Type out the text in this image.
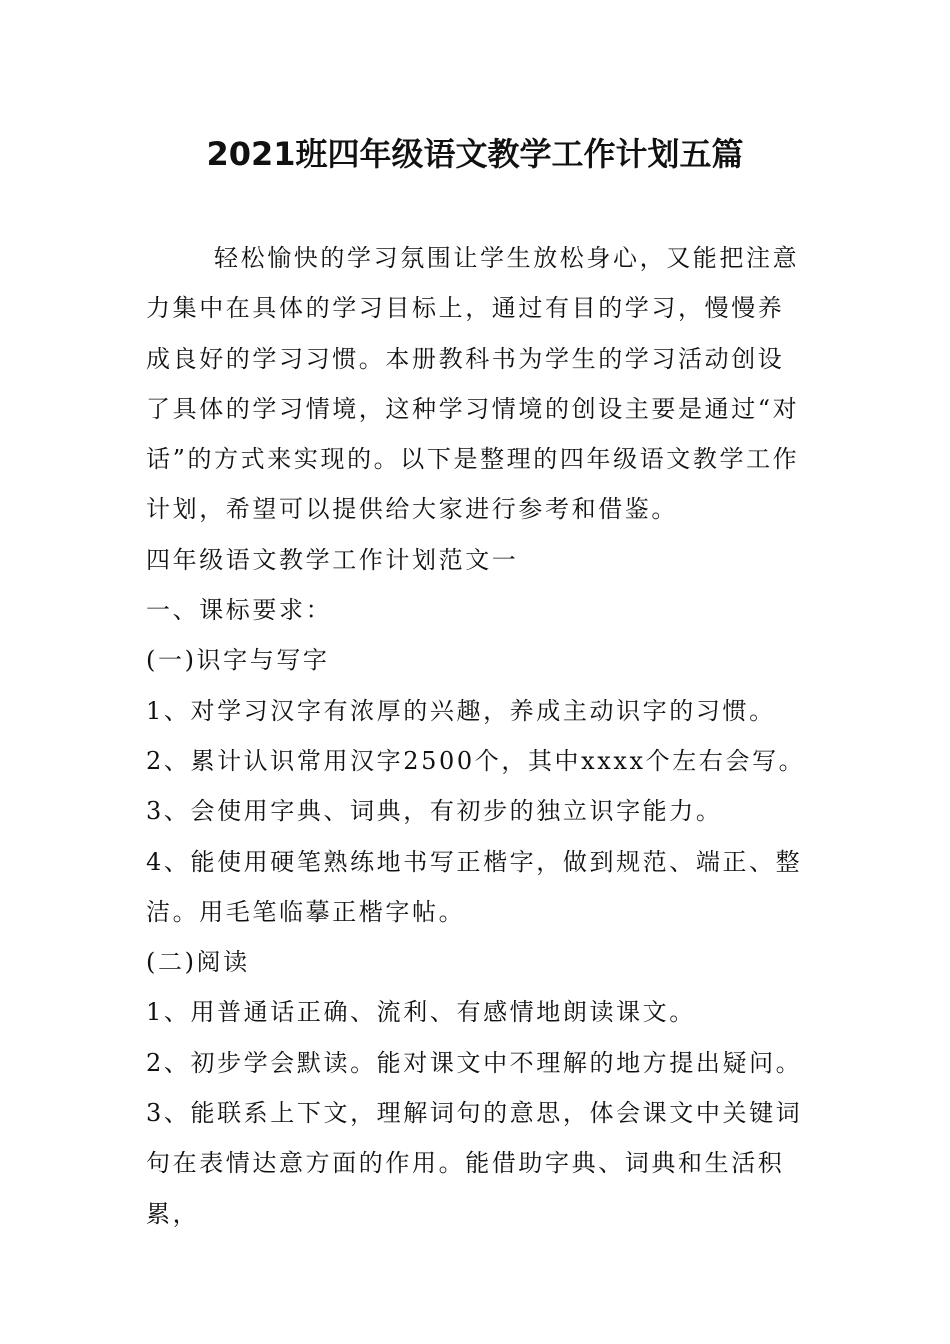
2021班四年级语文教学工作计划五篇

轻松愉快的学习氛围让学生放松身心，又能把注意力集中在具体的学习目标上，通过有目的学习，慢慢养成良好的学习习惯。本册教科书为学生的学习活动创设了具体的学习情境，这种学习情境的创设主要是通过“对话”的方式来实现的。以下是整理的四年级语文教学工作计划，希望可以提供给大家进行参考和借鉴。

四年级语文教学工作计划范文一

一、课标要求：

(一)识字与写字

1、对学习汉字有浓厚的兴趣，养成主动识字的习惯。

2、累计认识常用汉字2500个，其中xxxx个左右会写。

3、会使用字典、词典，有初步的独立识字能力。

4、能使用硬笔熟练地书写正楷字，做到规范、端正、整洁。用毛笔临摹正楷字帖。

(二)阅读

1、用普通话正确、流利、有感情地朗读课文。

2、初步学会默读。能对课文中不理解的地方提出疑问。

3、能联系上下文，理解词句的意思，体会课文中关键词句在表情达意方面的作用。能借助字典、词典和生活积累，
